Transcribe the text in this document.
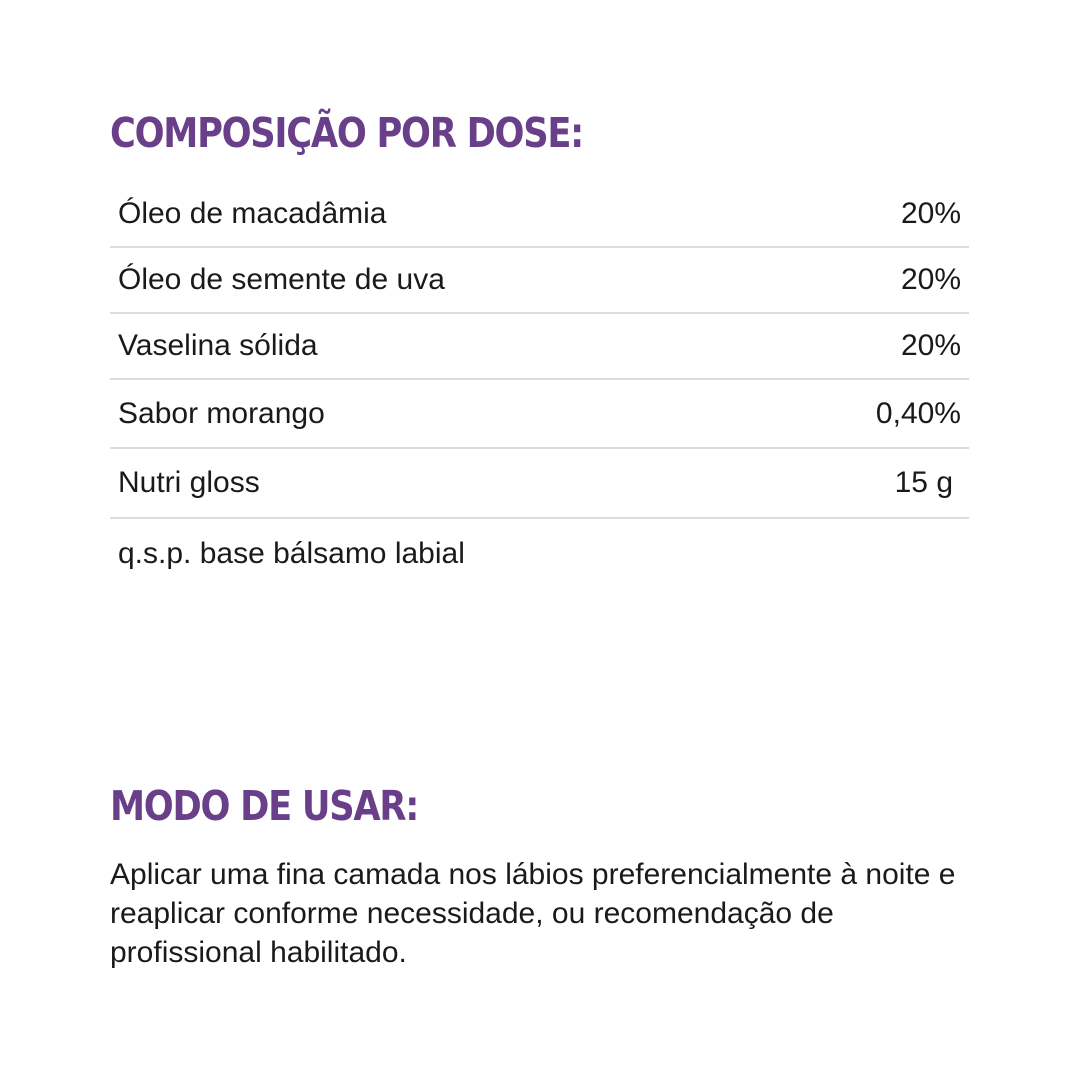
COMPOSIÇÃO POR DOSE:
Óleo de macadâmia	20%
Óleo de semente de uva	20%
Vaselina sólida	20%
Sabor morango	0,40%
Nutri gloss	15 g
q.s.p. base bálsamo labial
MODO DE USAR:

Aplicar uma fina camada nos lábios preferencialmente à noite e reaplicar conforme necessidade, ou recomendação de profissional habilitado.
